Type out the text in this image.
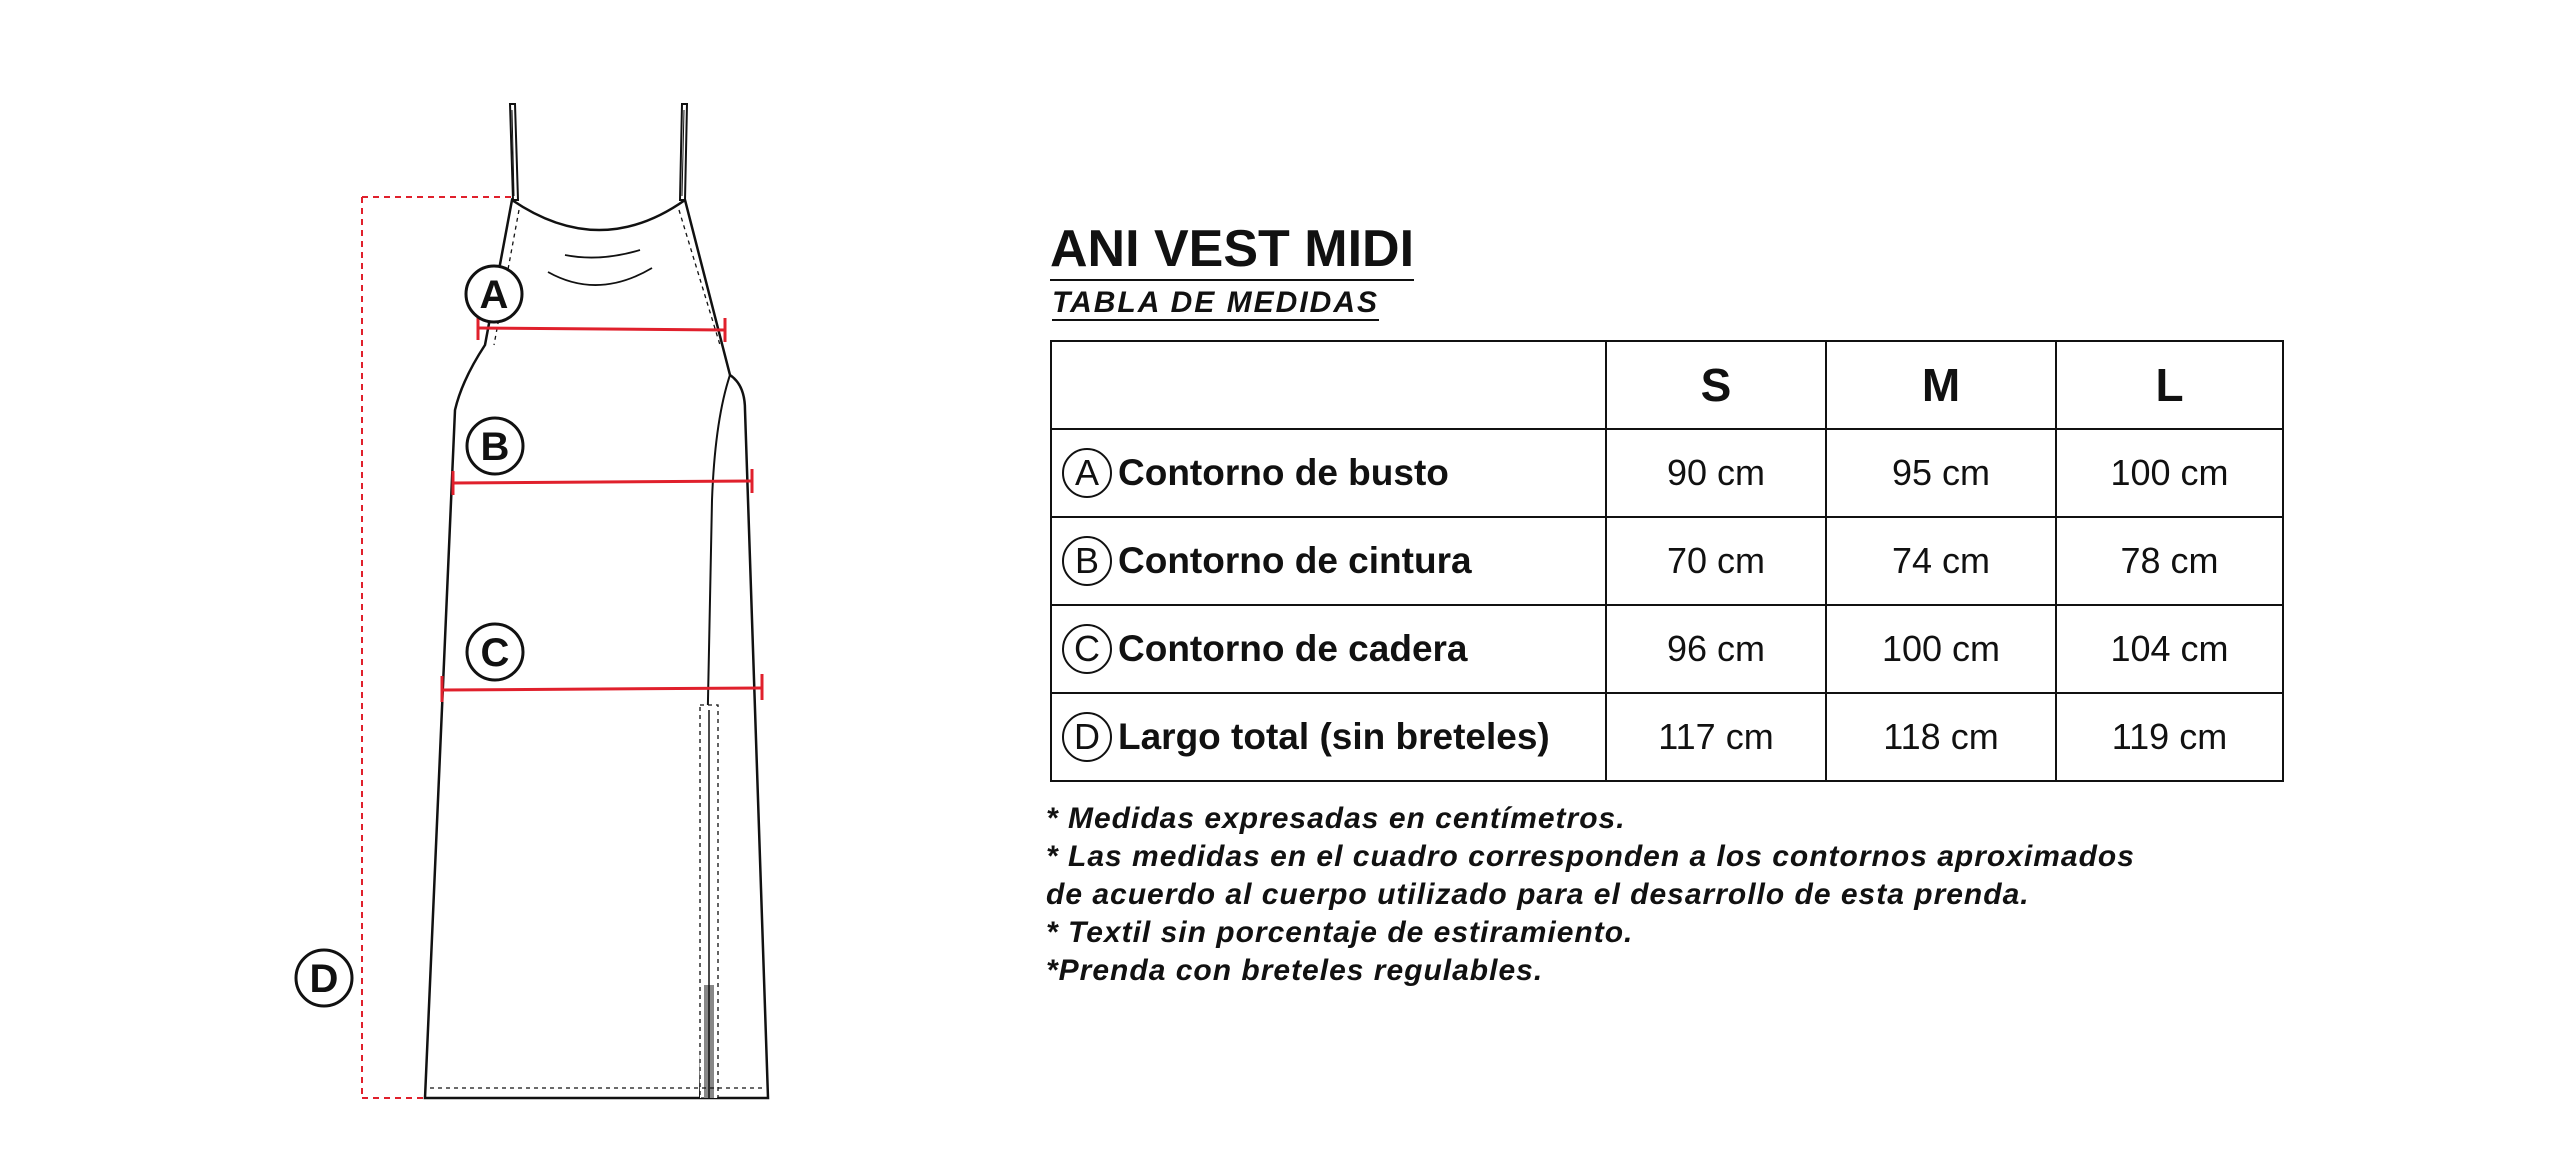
A
B
C
D
ANI VEST MIDI
TABLA DE MEDIDAS
	S	M	L
A Contorno de busto	90 cm	95 cm	100 cm
B Contorno de cintura	70 cm	74 cm	78 cm
C Contorno de cadera	96 cm	100 cm	104 cm
D Largo total (sin breteles)	117 cm	118 cm	119 cm

* Medidas expresadas en centímetros.

* Las medidas en el cuadro corresponden a los contornos aproximados de acuerdo al cuerpo utilizado para el desarrollo de esta prenda.

* Textil sin porcentaje de estiramiento.

*Prenda con breteles regulables.
